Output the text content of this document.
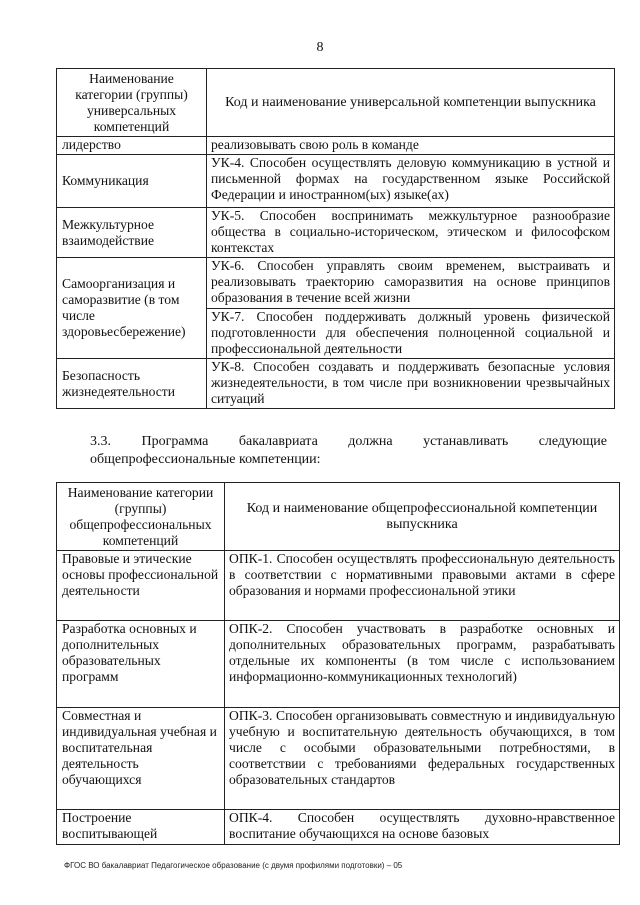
8
Наименование категории (группы) универсальных компетенций	Код и наименование универсальной компетенции выпускника
лидерство	реализовывать свою роль в команде
Коммуникация	УК-4. Способен осуществлять деловую коммуникацию в устной и письменной формах на государственном языке Российской Федерации и иностранном(ых) языке(ах)
Межкультурное взаимодействие	УК-5. Способен воспринимать межкультурное разнообразие общества в социально-историческом, этическом и философском контекстах
Самоорганизация и саморазвитие (в том числе здоровьесбережение)	УК-6. Способен управлять своим временем, выстраивать и реализовывать траекторию саморазвития на основе принципов образования в течение всей жизни
	УК-7. Способен поддерживать должный уровень физической подготовленности для обеспечения полноценной социальной и профессиональной деятельности
Безопасность жизнедеятельности	УК-8. Способен создавать и поддерживать безопасные условия жизнедеятельности, в том числе при возникновении чрезвычайных ситуаций
3.3. Программа бакалавриата должна устанавливать следующие
общепрофессиональные компетенции:
Наименование категории (группы) общепрофессиональных компетенций	Код и наименование общепрофессиональной компетенции выпускника
Правовые и этические основы профессиональной деятельности	ОПК-1. Способен осуществлять профессиональную деятельность в соответствии с нормативными правовыми актами в сфере образования и нормами профессиональной этики
Разработка основных и дополнительных образовательных программ	ОПК-2. Способен участвовать в разработке основных и дополнительных образовательных программ, разрабатывать отдельные их компоненты (в том числе с использованием информационно-коммуникационных технологий)
Совместная и индивидуальная учебная и воспитательная деятельность обучающихся	ОПК-3. Способен организовывать совместную и индивидуальную учебную и воспитательную деятельность обучающихся, в том числе с особыми образовательными потребностями, в соответствии с требованиями федеральных государственных образовательных стандартов
Построение воспитывающей	ОПК-4. Способен осуществлять духовно-нравственное воспитание обучающихся на основе базовых
ФГОС ВО бакалавриат Педагогическое образование (с двумя профилями подготовки) – 05
